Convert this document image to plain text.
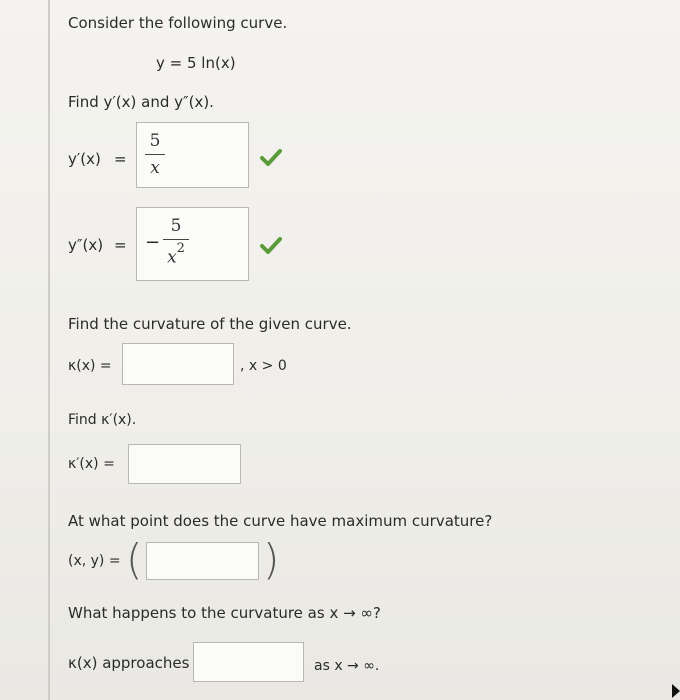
Consider the following curve.
y = 5 ln(x)
Find y′(x) and y″(x).
y′(x) =
5
x
y″(x) = −
5
$x^2$
Find the curvature of the given curve.
κ(x) =	, x > 0
Find κ′(x).
κ′(x) =
At what point does the curve have maximum curvature?
(x, y) = (	)
What happens to the curvature as x → ∞?
κ(x) approaches	as x → ∞.
